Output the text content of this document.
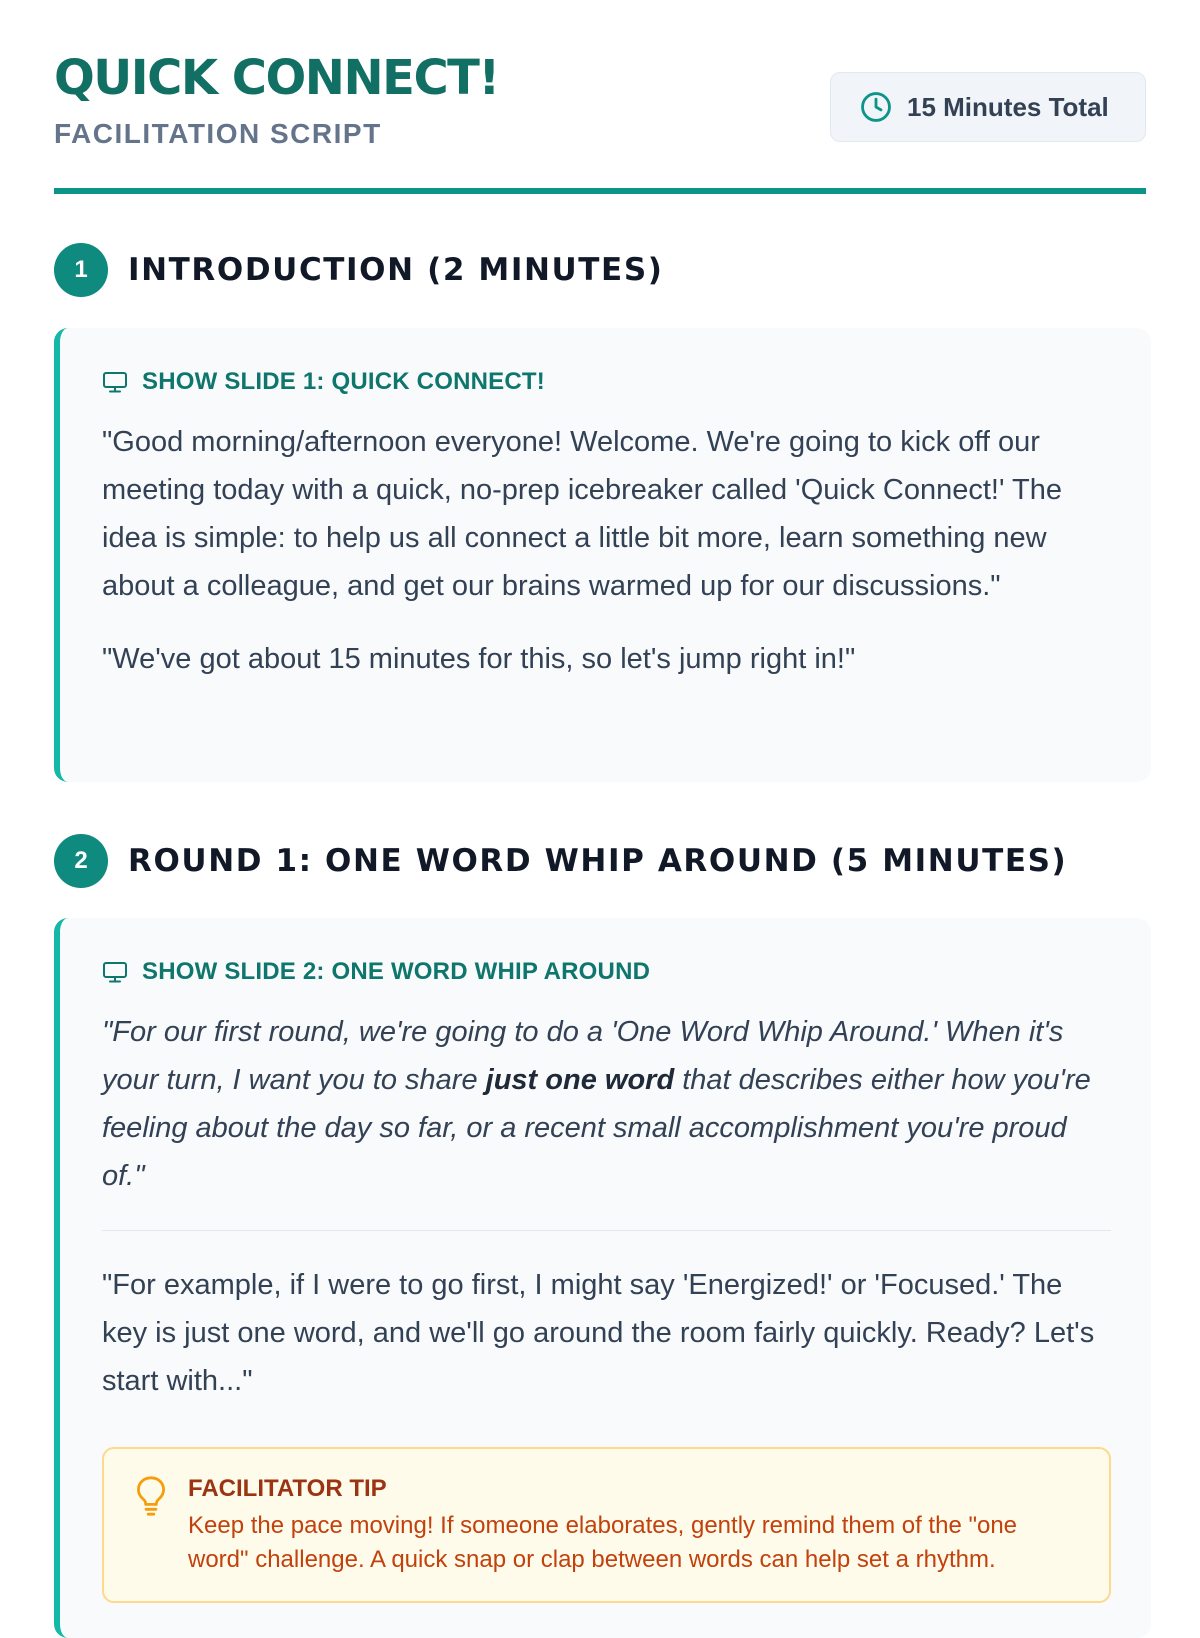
QUICK CONNECT!
FACILITATION SCRIPT
15 Minutes Total
1	INTRODUCTION (2 MINUTES)
SHOW SLIDE 1: QUICK CONNECT!

"Good morning/afternoon everyone! Welcome. We're going to kick off our meeting today with a quick, no-prep icebreaker called 'Quick Connect!' The idea is simple: to help us all connect a little bit more, learn something new about a colleague, and get our brains warmed up for our discussions."

"We've got about 15 minutes for this, so let's jump right in!"

2	ROUND 1: ONE WORD WHIP AROUND (5 MINUTES)
SHOW SLIDE 2: ONE WORD WHIP AROUND

"For our first round, we're going to do a 'One Word Whip Around.' When it's your turn, I want you to share just one word that describes either how you're feeling about the day so far, or a recent small accomplishment you're proud of."

"For example, if I were to go first, I might say 'Energized!' or 'Focused.' The key is just one word, and we'll go around the room fairly quickly. Ready? Let's start with..."

FACILITATOR TIP

Keep the pace moving! If someone elaborates, gently remind them of the "one word" challenge. A quick snap or clap between words can help set a rhythm.
